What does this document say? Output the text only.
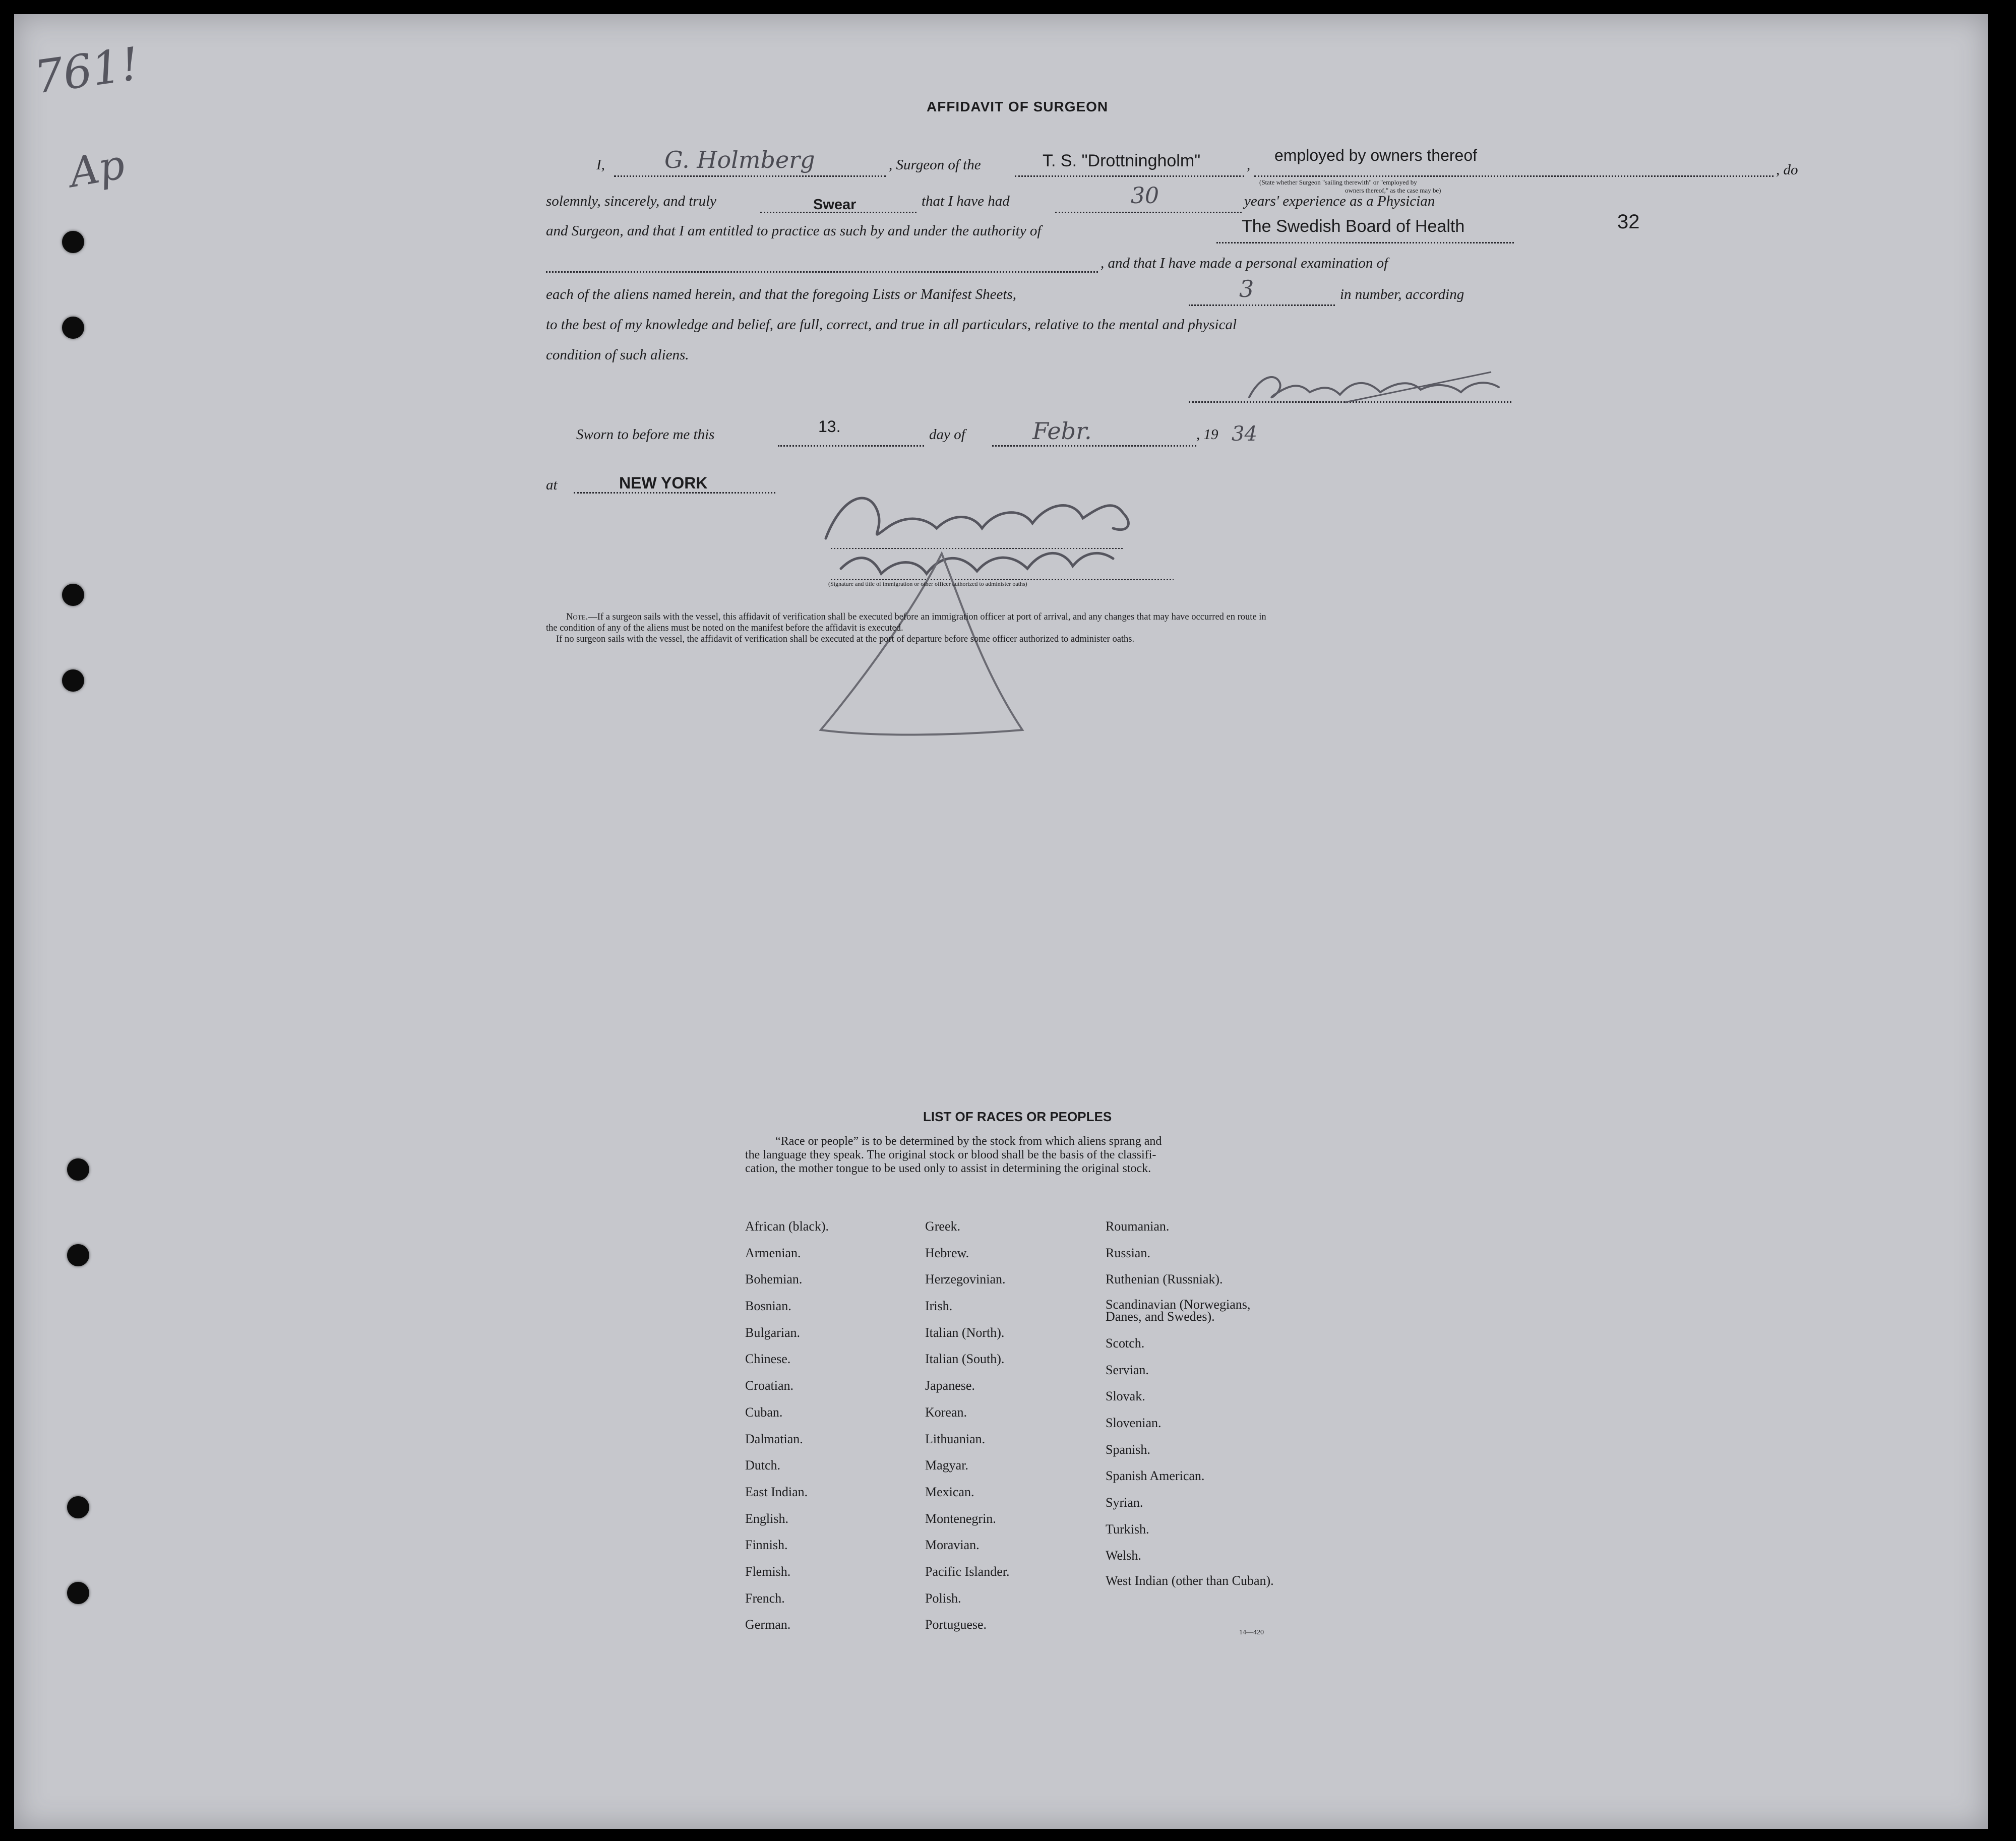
761!
Ap
32
AFFIDAVIT OF SURGEON
I,	G. Holmberg	, Surgeon of the	T. S. "Drottningholm"	,
employed by owners thereof
(State whether Surgeon "sailing therewith" or "employed by
owners thereof," as the case may be)
, do
solemnly, sincerely, and truly	Swear	that I have had	30	years' experience as a Physician
and Surgeon, and that I am entitled to practice as such by and under the authority of	The Swedish Board of Health
, and that I have made a personal examination of
each of the aliens named herein, and that the foregoing Lists or Manifest Sheets,	3	in number, according
to the best of my knowledge and belief, are full, correct, and true in all particulars, relative to the mental and physical
condition of such aliens.
Sworn to before me this	13.	day of	Febr.	, 19 34
at	NEW YORK
(Signature and title of immigration or other officer authorized to administer oaths)
Note.—If a surgeon sails with the vessel, this affidavit of verification shall be executed before an immigration officer at port of arrival, and any changes that may have occurred en route in
the condition of any of the aliens must be noted on the manifest before the affidavit is executed.
If no surgeon sails with the vessel, the affidavit of verification shall be executed at the port of departure before some officer authorized to administer oaths.
LIST OF RACES OR PEOPLES
“Race or people” is to be determined by the stock from which aliens sprang and
the language they speak. The original stock or blood shall be the basis of the classifi-
cation, the mother tongue to be used only to assist in determining the original stock.
African (black).
Armenian.
Bohemian.
Bosnian.
Bulgarian.
Chinese.
Croatian.
Cuban.
Dalmatian.
Dutch.
East Indian.
English.
Finnish.
Flemish.
French.
German.
Greek.
Hebrew.
Herzegovinian.
Irish.
Italian (North).
Italian (South).
Japanese.
Korean.
Lithuanian.
Magyar.
Mexican.
Montenegrin.
Moravian.
Pacific Islander.
Polish.
Portuguese.
Roumanian.
Russian.
Ruthenian (Russniak).
Scandinavian (Norwegians, Danes, and Swedes).
Scotch.
Servian.
Slovak.
Slovenian.
Spanish.
Spanish American.
Syrian.
Turkish.
Welsh.
West Indian (other than Cuban).
14—420
